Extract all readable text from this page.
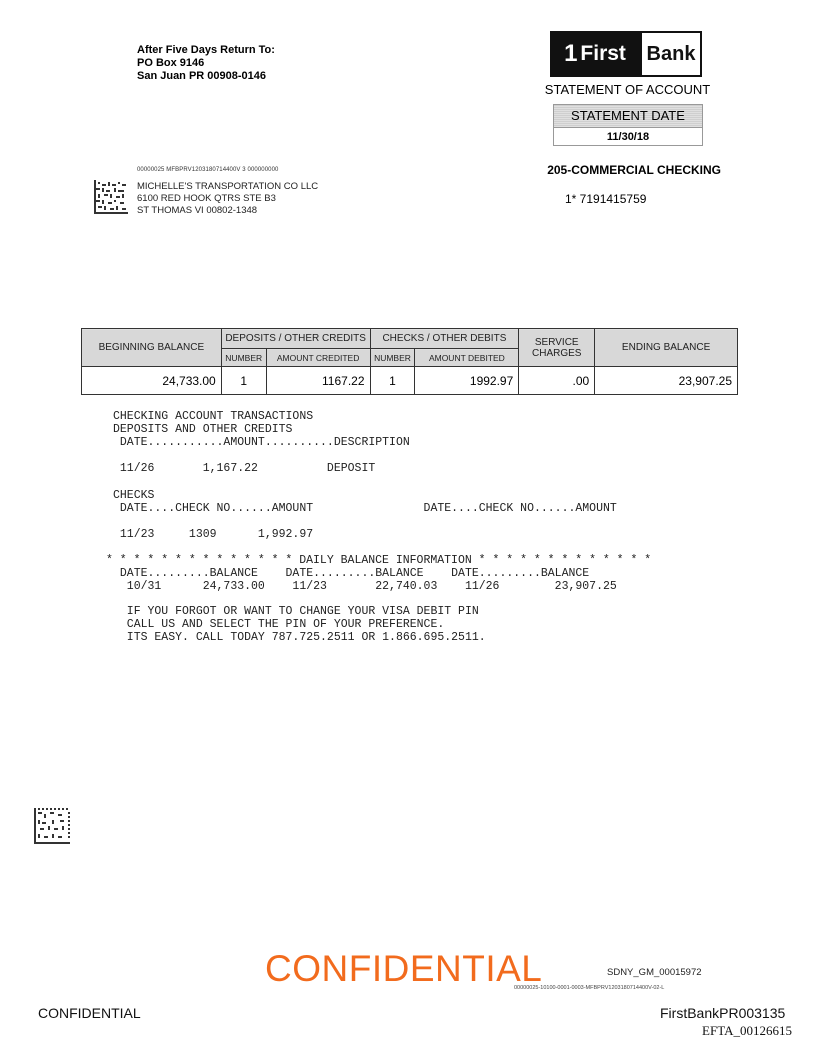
After Five Days Return To:
PO Box 9146
San Juan PR 00908-0146
1 First Bank
STATEMENT OF ACCOUNT
STATEMENT DATE
11/30/18
205-COMMERCIAL CHECKING
1* 7191415759
00000025 MFBPRV1203180714400V 3 000000000
MICHELLE'S TRANSPORTATION CO LLC
6100 RED HOOK QTRS STE B3
ST THOMAS VI 00802-1348
BEGINNING BALANCE	DEPOSITS / OTHER CREDITS		CHECKS / OTHER DEBITS		SERVICE CHARGES	ENDING BALANCE
	NUMBER	AMOUNT CREDITED	NUMBER	AMOUNT DEBITED		
24,733.00	1	1167.22	1	1992.97	.00	23,907.25
CHECKING ACCOUNT TRANSACTIONS
DEPOSITS AND OTHER CREDITS
DATE...........AMOUNT..........DESCRIPTION
11/26       1,167.22          DEPOSIT
CHECKS
DATE....CHECK NO......AMOUNT                DATE....CHECK NO......AMOUNT
11/23     1309      1,992.97
* * * * * * * * * * * * * * DAILY BALANCE INFORMATION * * * * * * * * * * * * *
DATE.........BALANCE    DATE.........BALANCE    DATE.........BALANCE
10/31      24,733.00    11/23       22,740.03    11/26        23,907.25
IF YOU FORGOT OR WANT TO CHANGE YOUR VISA DEBIT PIN
CALL US AND SELECT THE PIN OF YOUR PREFERENCE.
ITS EASY. CALL TODAY 787.725.2511 OR 1.866.695.2511.
CONFIDENTIAL	SDNY_GM_00015972
00000025-10100-0001-0003-MFBPRV1203180714400V-02-L
CONFIDENTIAL	FirstBankPR003135
EFTA_00126615
